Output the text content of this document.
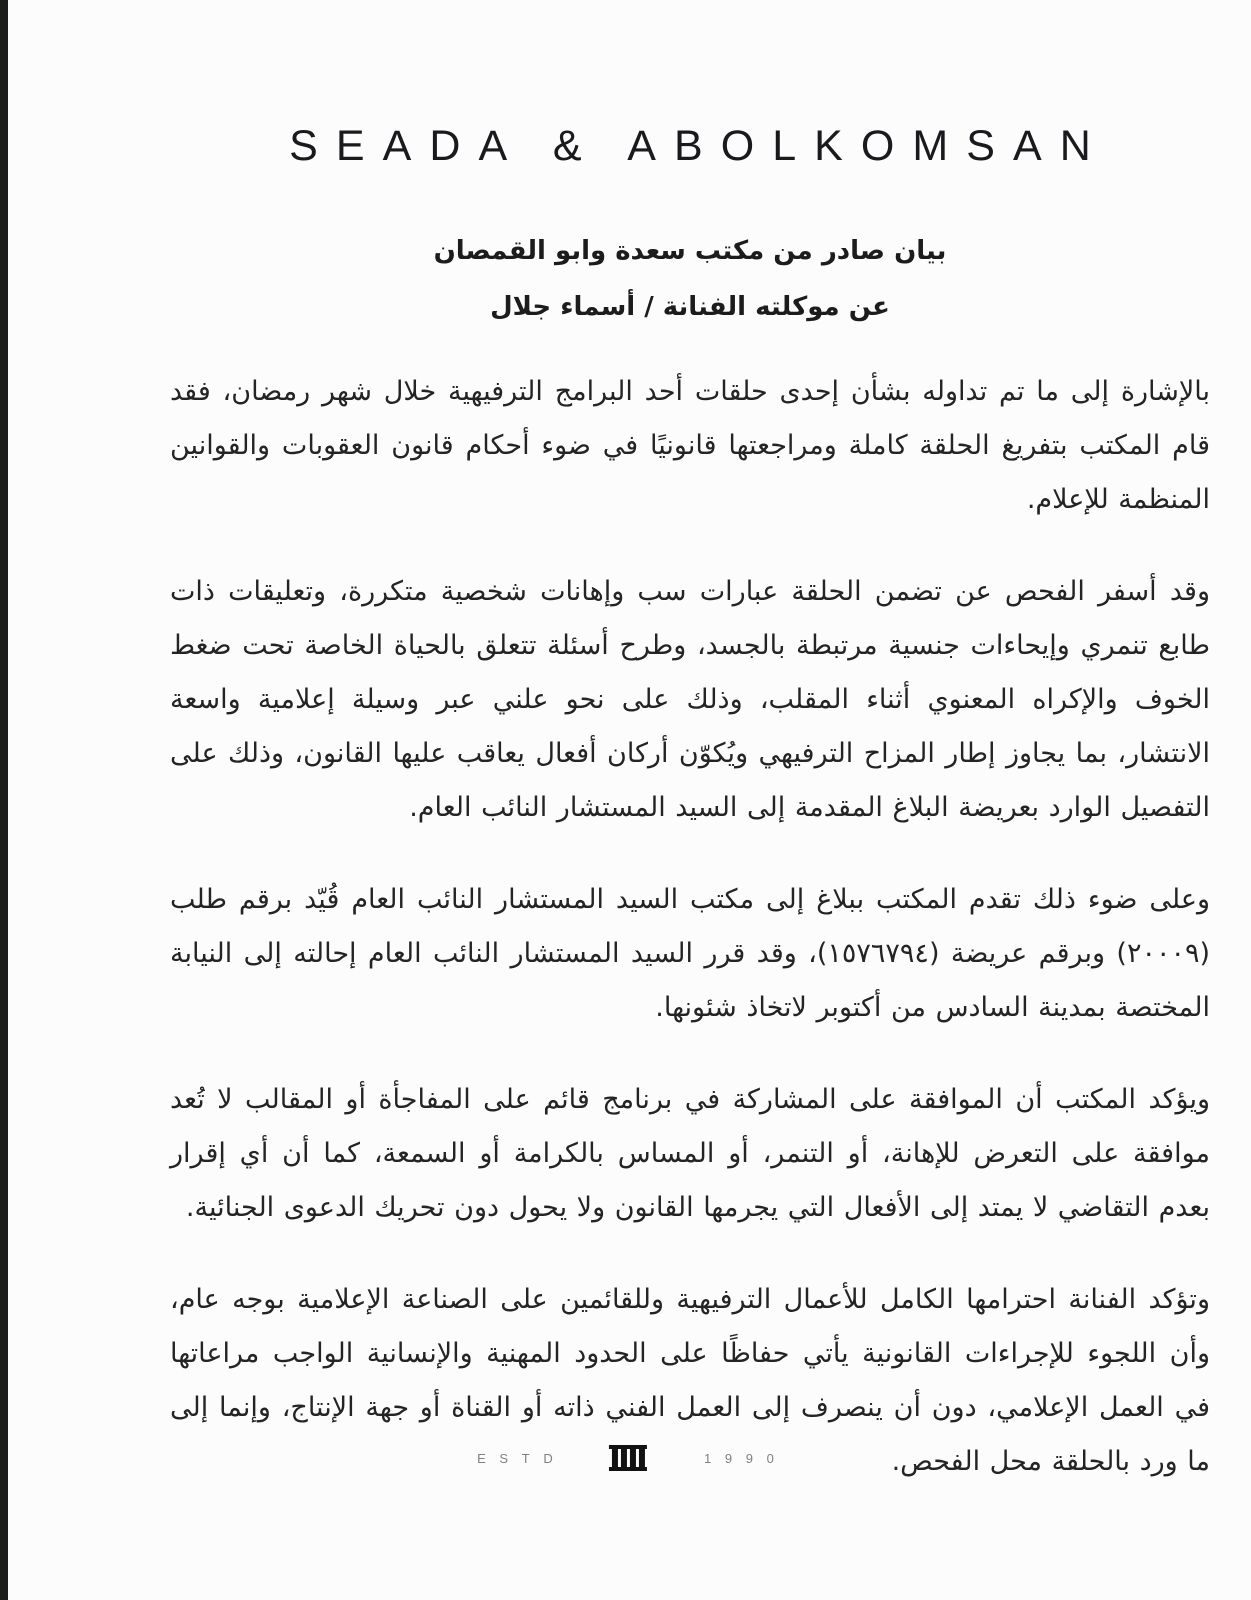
SEADA & ABOLKOMSAN
بيان صادر من مكتب سعدة وابو القمصان
عن موكلته الفنانة / أسماء جلال

بالإشارة إلى ما تم تداوله بشأن إحدى حلقات أحد البرامج الترفيهية خلال شهر رمضان، فقد قام المكتب بتفريغ الحلقة كاملة ومراجعتها قانونيًا في ضوء أحكام قانون العقوبات والقوانين المنظمة للإعلام.

وقد أسفر الفحص عن تضمن الحلقة عبارات سب وإهانات شخصية متكررة، وتعليقات ذات طابع تنمري وإيحاءات جنسية مرتبطة بالجسد، وطرح أسئلة تتعلق بالحياة الخاصة تحت ضغط الخوف والإكراه المعنوي أثناء المقلب، وذلك على نحو علني عبر وسيلة إعلامية واسعة الانتشار، بما يجاوز إطار المزاح الترفيهي ويُكوّن أركان أفعال يعاقب عليها القانون، وذلك على التفصيل الوارد بعريضة البلاغ المقدمة إلى السيد المستشار النائب العام.

وعلى ضوء ذلك تقدم المكتب ببلاغ إلى مكتب السيد المستشار النائب العام قُيّد برقم طلب (٢٠٠٠٩) وبرقم عريضة (١٥٧٦٧٩٤)، وقد قرر السيد المستشار النائب العام إحالته إلى النيابة المختصة بمدينة السادس من أكتوبر لاتخاذ شئونها.

ويؤكد المكتب أن الموافقة على المشاركة في برنامج قائم على المفاجأة أو المقالب لا تُعد موافقة على التعرض للإهانة، أو التنمر، أو المساس بالكرامة أو السمعة، كما أن أي إقرار بعدم التقاضي لا يمتد إلى الأفعال التي يجرمها القانون ولا يحول دون تحريك الدعوى الجنائية.

وتؤكد الفنانة احترامها الكامل للأعمال الترفيهية وللقائمين على الصناعة الإعلامية بوجه عام، وأن اللجوء للإجراءات القانونية يأتي حفاظًا على الحدود المهنية والإنسانية الواجب مراعاتها في العمل الإعلامي، دون أن ينصرف إلى العمل الفني ذاته أو القناة أو جهة الإنتاج، وإنما إلى ما ورد بالحلقة محل الفحص.

ESTD	1990
